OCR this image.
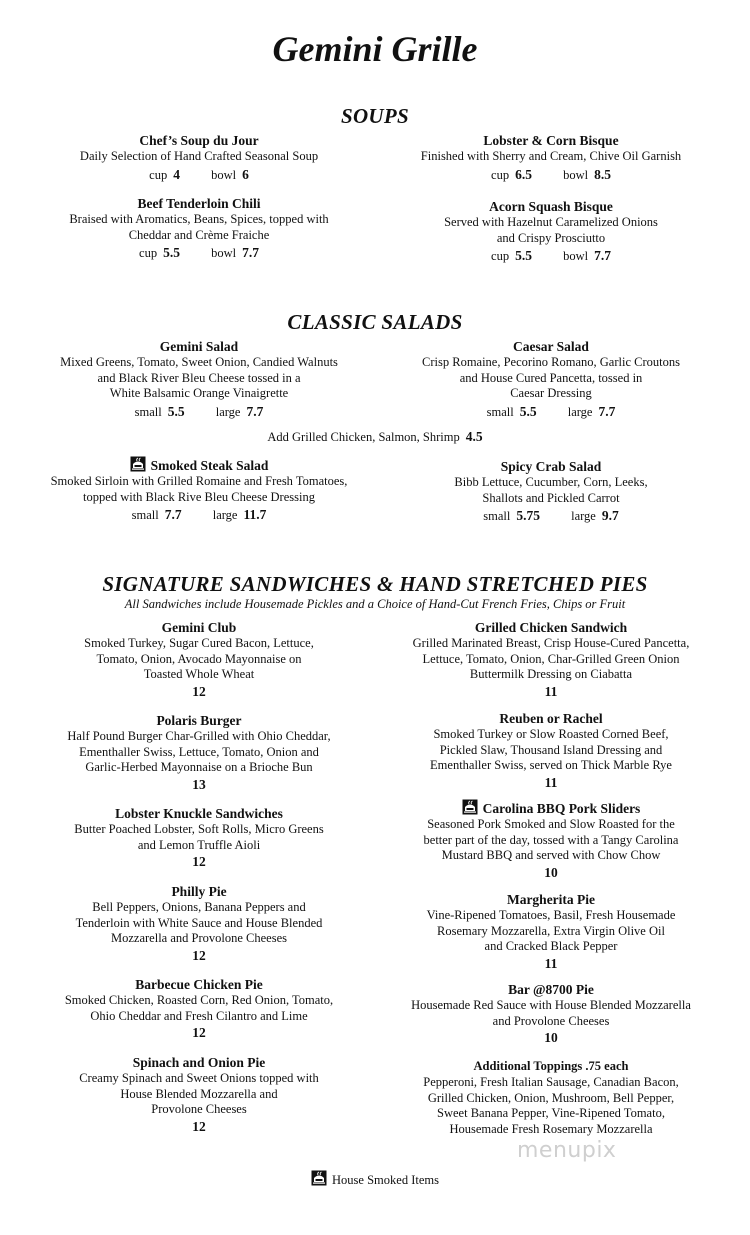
Gemini Grille
SOUPS
Chef’s Soup du Jour
Daily Selection of Hand Crafted Seasonal Soup
cup 4 bowl 6
Lobster & Corn Bisque
Finished with Sherry and Cream, Chive Oil Garnish
cup 6.5 bowl 8.5
Beef Tenderloin Chili
Braised with Aromatics, Beans, Spices, topped with
Cheddar and Crème Fraiche
cup 5.5 bowl 7.7
Acorn Squash Bisque
Served with Hazelnut Caramelized Onions
and Crispy Prosciutto
cup 5.5 bowl 7.7
CLASSIC SALADS
Gemini Salad
Mixed Greens, Tomato, Sweet Onion, Candied Walnuts
and Black River Bleu Cheese tossed in a
White Balsamic Orange Vinaigrette
small 5.5 large 7.7
Caesar Salad
Crisp Romaine, Pecorino Romano, Garlic Croutons
and House Cured Pancetta, tossed in
Caesar Dressing
small 5.5 large 7.7
Add Grilled Chicken, Salmon, Shrimp 4.5
Smoked Steak Salad
Smoked Sirloin with Grilled Romaine and Fresh Tomatoes,
topped with Black Rive Bleu Cheese Dressing
small 7.7 large 11.7
Spicy Crab Salad
Bibb Lettuce, Cucumber, Corn, Leeks,
Shallots and Pickled Carrot
small 5.75 large 9.7
SIGNATURE SANDWICHES & HAND STRETCHED PIES
All Sandwiches include Housemade Pickles and a Choice of Hand-Cut French Fries, Chips or Fruit
Gemini Club
Smoked Turkey, Sugar Cured Bacon, Lettuce,
Tomato, Onion, Avocado Mayonnaise on
Toasted Whole Wheat
12
Grilled Chicken Sandwich
Grilled Marinated Breast, Crisp House-Cured Pancetta,
Lettuce, Tomato, Onion, Char-Grilled Green Onion
Buttermilk Dressing on Ciabatta
11
Polaris Burger
Half Pound Burger Char-Grilled with Ohio Cheddar,
Ementhaller Swiss, Lettuce, Tomato, Onion and
Garlic-Herbed Mayonnaise on a Brioche Bun
13
Reuben or Rachel
Smoked Turkey or Slow Roasted Corned Beef,
Pickled Slaw, Thousand Island Dressing and
Ementhaller Swiss, served on Thick Marble Rye
11
Lobster Knuckle Sandwiches
Butter Poached Lobster, Soft Rolls, Micro Greens
and Lemon Truffle Aioli
12
Carolina BBQ Pork Sliders
Seasoned Pork Smoked and Slow Roasted for the
better part of the day, tossed with a Tangy Carolina
Mustard BBQ and served with Chow Chow
10
Philly Pie
Bell Peppers, Onions, Banana Peppers and
Tenderloin with White Sauce and House Blended
Mozzarella and Provolone Cheeses
12
Margherita Pie
Vine-Ripened Tomatoes, Basil, Fresh Housemade
Rosemary Mozzarella, Extra Virgin Olive Oil
and Cracked Black Pepper
11
Barbecue Chicken Pie
Smoked Chicken, Roasted Corn, Red Onion, Tomato,
Ohio Cheddar and Fresh Cilantro and Lime
12
Bar @8700 Pie
Housemade Red Sauce with House Blended Mozzarella
and Provolone Cheeses
10
Spinach and Onion Pie
Creamy Spinach and Sweet Onions topped with
House Blended Mozzarella and
Provolone Cheeses
12
Additional Toppings .75 each
Pepperoni, Fresh Italian Sausage, Canadian Bacon,
Grilled Chicken, Onion, Mushroom, Bell Pepper,
Sweet Banana Pepper, Vine-Ripened Tomato,
Housemade Fresh Rosemary Mozzarella
menupix
House Smoked Items
